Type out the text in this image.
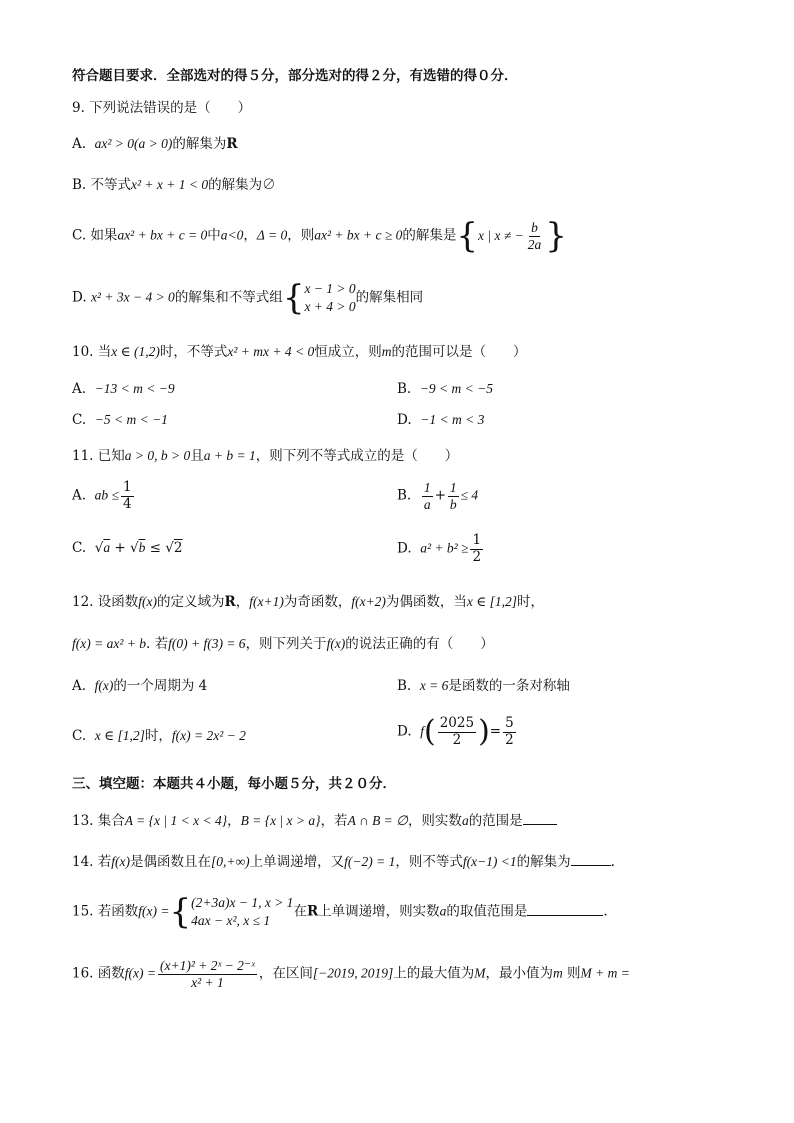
符合题目要求．全部选对的得５分，部分选对的得２分，有选错的得０分．
9. 下列说法错误的是（　　）
A. ax² > 0(a > 0)的解集为R
B. 不等式x² + x + 1 < 0的解集为∅
C. 如果ax² + bx + c = 0中a<0，Δ = 0，则ax² + bx + c ≥ 0的解集是 { x | x ≠ − $\frac{b}{2a}$ }
D. x² + 3x − 4 > 0的解集和不等式组 { x − 1 > 0
x + 4 > 0
的解集相同
10. 当x ∈ (1,2)时，不等式x² + mx + 4 < 0恒成立，则m的范围可以是（　　）
A. −13 < m < −9	B. −9 < m < −5
C. −5 < m < −1	D. −1 < m < 3
11. 已知a > 0, b > 0且a + b = 1，则下列不等式成立的是（　　）
A. ab ≤ $\frac{1}{4}$	B. $\frac{1}{a} + \frac{1}{b} \le 4$
C.  √a + √b ≤ √2	D. $a^2 + b^2 \ge \frac{1}{2}$
12. 设函数f(x)的定义域为R，f(x+1)为奇函数，f(x+2)为偶函数，当x ∈ [1,2]时，
f(x) = ax² + b. 若f(0) + f(3) = 6，则下列关于f(x)的说法正确的有（　　）
A. f(x)的一个周期为 4	B. x = 6是函数的一条对称轴
C. x ∈ [1,2]时，f(x) = 2x² − 2	D. f ( $\frac{2025}{2}$ ) = $\frac{5}{2}$
三、填空题：本题共４小题，每小题５分，共２０分．
13. 集合A = {x | 1 < x < 4}，B = {x | x > a}，若A ∩ B = ∅，则实数a的范围是
14. 若f(x)是偶函数且在[0,+∞)上单调递增，又f(−2) = 1，则不等式f(x−1) <1的解集为	.
15. 若函数f(x) = { (2+3a)x − 1, x > 1
4ax − x², x ≤ 1
在R上单调递增，则实数a的取值范围是	.
16. 函数$f(x) = \frac{\text{(x+1)² + 2ˣ − 2⁻ˣ}}{\text{x² + 1}}$ ，在区间[−2019, 2019]上的最大值为M，最小值为m 则M + m =
